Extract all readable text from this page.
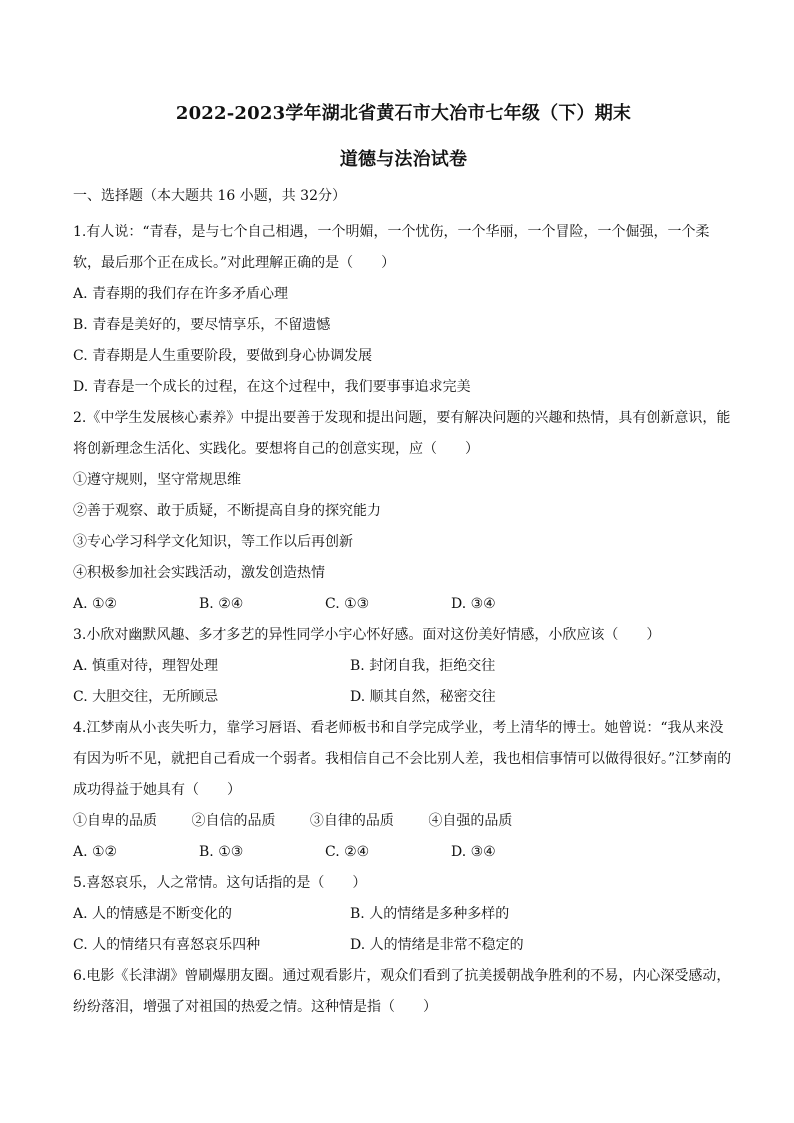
2022-2023学年湖北省黄石市大冶市七年级（下）期末

道德与法治试卷

一、选择题（本大题共 16 小题，共 32分）

1.有人说：“青春，是与七个自己相遇，一个明媚，一个忧伤，一个华丽，一个冒险，一个倔强，一个柔软，最后那个正在成长。”对此理解正确的是（　　）

A. 青春期的我们存在许多矛盾心理

B. 青春是美好的，要尽情享乐，不留遗憾

C. 青春期是人生重要阶段，要做到身心协调发展

D. 青春是一个成长的过程，在这个过程中，我们要事事追求完美

2.《中学生发展核心素养》中提出要善于发现和提出问题，要有解决问题的兴趣和热情，具有创新意识，能将创新理念生活化、实践化。要想将自己的创意实现，应（　　）

①遵守规则，坚守常规思维

②善于观察、敢于质疑，不断提高自身的探究能力

③专心学习科学文化知识，等工作以后再创新

④积极参加社会实践活动，激发创造热情

A. ①②	B. ②④	C. ①③	D. ③④

3.小欣对幽默风趣、多才多艺的异性同学小宇心怀好感。面对这份美好情感，小欣应该（　　）

A. 慎重对待，理智处理	B. 封闭自我，拒绝交往
C. 大胆交往，无所顾忌	D. 顺其自然，秘密交往

4.江梦南从小丧失听力，靠学习唇语、看老师板书和自学完成学业，考上清华的博士。她曾说：“我从来没有因为听不见，就把自己看成一个弱者。我相信自己不会比别人差，我也相信事情可以做得很好。”江梦南的成功得益于她具有（　　）

①自卑的品质 ②自信的品质 ③自律的品质 ④自强的品质
A. ①②	B. ①③	C. ②④	D. ③④

5.喜怒哀乐，人之常情。这句话指的是（　　）

A. 人的情感是不断变化的	B. 人的情绪是多种多样的
C. 人的情绪只有喜怒哀乐四种	D. 人的情绪是非常不稳定的

6.电影《长津湖》曾刷爆朋友圈。通过观看影片，观众们看到了抗美援朝战争胜利的不易，内心深受感动，纷纷落泪，增强了对祖国的热爱之情。这种情是指（　　）
